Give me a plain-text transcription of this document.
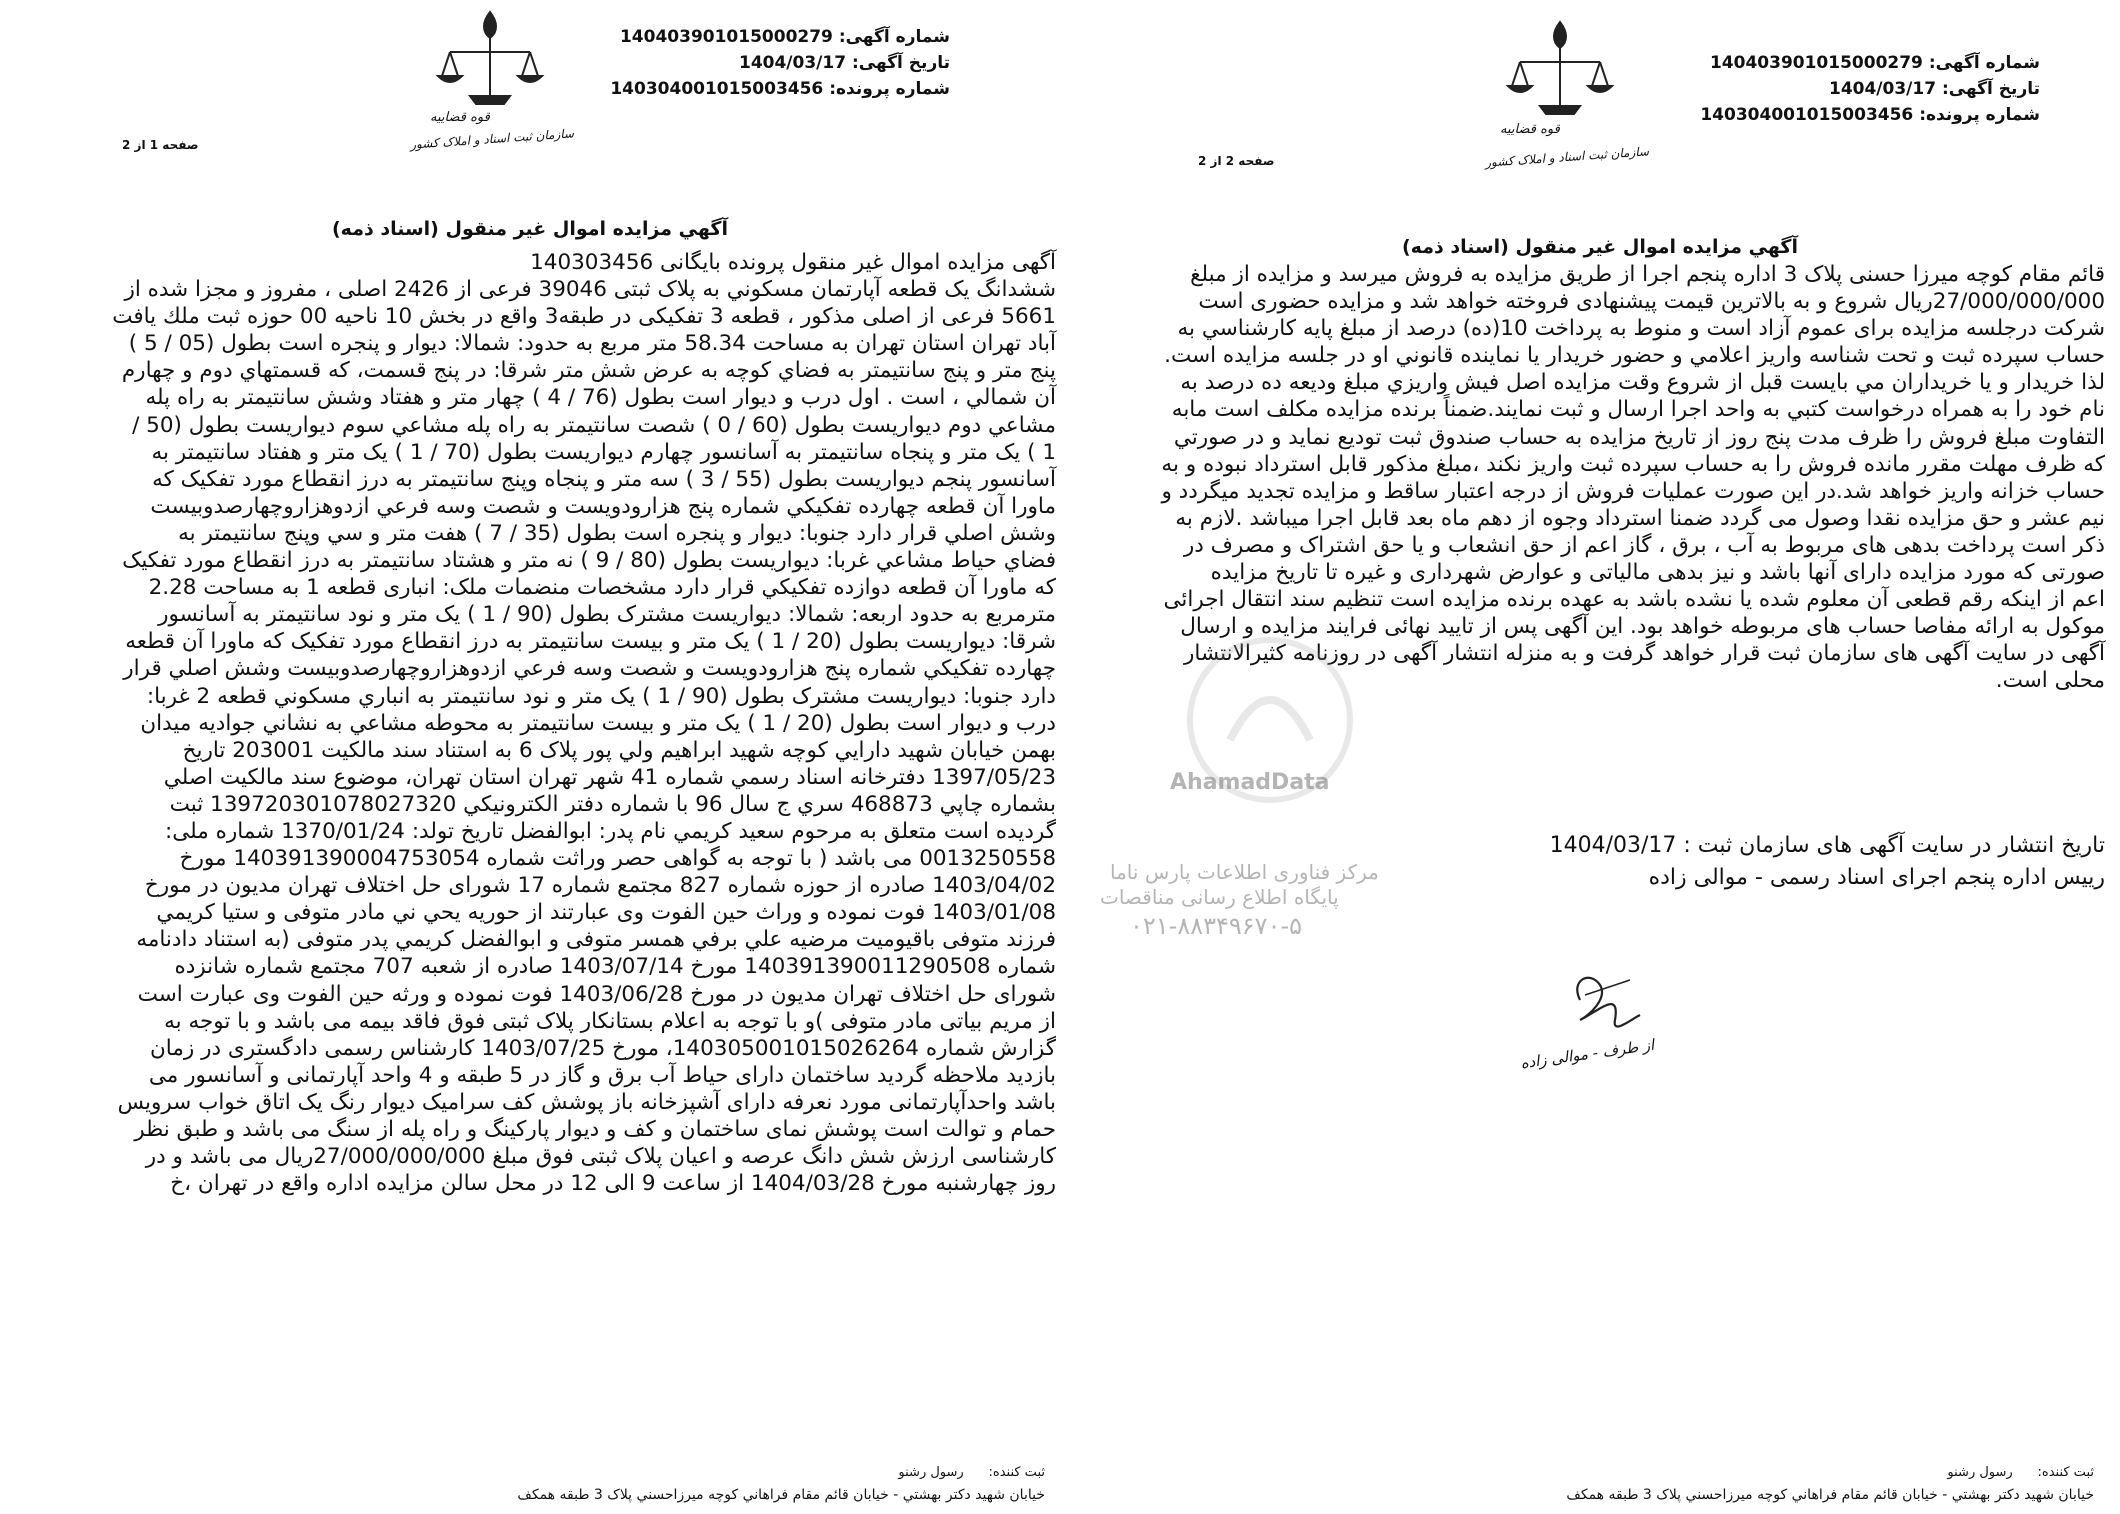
شماره آگهی: 140403901015000279
تاریخ آگهی: 1404/03/17
شماره پرونده: 140304001015003456
قوه قضاییه
سازمان ثبت اسناد و املاک کشور
صفحه 1 از 2
آگهي مزايده اموال غير منقول (اسناد ذمه)

آگهی مزایده اموال غیر منقول پرونده بایگانی 140303456

ششدانگ يک قطعه آپارتمان مسکوني به پلاک ثبتی 39046 فرعی از 2426 اصلی ، مفروز و مجزا شده از

5661 فرعی از اصلی مذکور ، قطعه 3 تفکیکی در طبقه3 واقع در بخش 10 ناحیه 00 حوزه ثبت ملك يافت

آباد تهران استان تهران به مساحت 58.34 متر مربع به حدود: شمالا: ديوار و پنجره است بطول (05 / 5 )

پنج متر و پنج سانتيمتر به فضاي كوچه به عرض شش متر شرقا: در پنج قسمت، كه قسمتهاي دوم و چهارم

آن شمالي ، است . اول درب و ديوار است بطول (76 / 4 ) چهار متر و هفتاد وشش سانتيمتر به راه پله

مشاعي دوم ديواريست بطول (60 / 0 ) شصت سانتيمتر به راه پله مشاعي سوم ديواريست بطول (50 /

1 ) يک متر و پنجاه سانتيمتر به آسانسور چهارم ديواريست بطول (70 / 1 ) يک متر و هفتاد سانتيمتر به

آسانسور پنجم ديواريست بطول (55 / 3 ) سه متر و پنجاه وپنج سانتيمتر به درز انقطاع مورد تفکيک که

ماورا آن قطعه چهارده تفکيکي شماره پنج هزارودويست و شصت وسه فرعي ازدوهزاروچهارصدوبيست

وشش اصلي قرار دارد جنوبا: ديوار و پنجره است بطول (35 / 7 ) هفت متر و سي وپنج سانتيمتر به

فضاي حياط مشاعي غربا: ديواريست بطول (80 / 9 ) نه متر و هشتاد سانتيمتر به درز انقطاع مورد تفکيک

که ماورا آن قطعه دوازده تفکيکي قرار دارد مشخصات منضمات ملک: انباری قطعه 1 به مساحت 2.28

مترمربع به حدود اربعه: شمالا: ديواريست مشترک بطول (90 / 1 ) يک متر و نود سانتيمتر به آسانسور

شرقا: ديواريست بطول (20 / 1 ) يک متر و بيست سانتيمتر به درز انقطاع مورد تفکيک که ماورا آن قطعه

چهارده تفکيکي شماره پنج هزارودويست و شصت وسه فرعي ازدوهزاروچهارصدوبيست وشش اصلي قرار

دارد جنوبا: ديواريست مشترک بطول (90 / 1 ) يک متر و نود سانتيمتر به انباري مسکوني قطعه 2 غربا:

درب و ديوار است بطول (20 / 1 ) يک متر و بيست سانتيمتر به محوطه مشاعي به نشاني جواديه ميدان

بهمن خيابان شهيد دارايي کوچه شهيد ابراهيم ولي پور پلاک 6 به استناد سند مالکيت 203001 تاريخ

1397/05/23 دفترخانه اسناد رسمي شماره 41 شهر تهران استان تهران، موضوع سند مالکيت اصلي

بشماره چاپي 468873 سري ج سال 96 با شماره دفتر الکترونيکي 139720301078027320 ثبت

گرديده است متعلق به مرحوم سعيد کريمي نام پدر: ابوالفضل تاريخ تولد: 1370/01/24 شماره ملی:

0013250558 می باشد ( با توجه به گواهی حصر وراثت شماره 140391390004753054 مورخ

1403/04/02 صادره از حوزه شماره 827 مجتمع شماره 17 شورای حل اختلاف تهران مديون در مورخ

1403/01/08 فوت نموده و وراث حين الفوت وی عبارتند از حوريه يحي ني مادر متوفی و ستيا کريمي

فرزند متوفی باقيوميت مرضيه علي برفي همسر متوفی و ابوالفضل کريمي پدر متوفی (به استناد دادنامه

شماره 140391390011290508 مورخ 1403/07/14 صادره از شعبه 707 مجتمع شماره شانزده

شورای حل اختلاف تهران مديون در مورخ 1403/06/28 فوت نموده و ورثه حين الفوت وی عبارت است

از مريم بياتی مادر متوفی )و با توجه به اعلام بستانكار پلاک ثبتی فوق فاقد بيمه می باشد و با توجه به

گزارش شماره 140305001015026264، مورخ 1403/07/25 کارشناس رسمی دادگستری در زمان

بازديد ملاحظه گرديد ساختمان دارای حياط آب برق و گاز در 5 طبقه و 4 واحد آپارتمانی و آسانسور می

باشد واحدآپارتمانی مورد نعرفه دارای آشپزخانه باز پوشش کف سراميک ديوار رنگ يک اتاق خواب سرويس

حمام و توالت است پوشش نمای ساختمان و کف و ديوار پارکينگ و راه پله از سنگ می باشد و طبق نظر

کارشناسی ارزش شش دانگ عرصه و اعيان پلاک ثبتی فوق مبلغ 27/000/000/000ريال می باشد و در

روز چهارشنبه مورخ 1404/03/28 از ساعت 9 الی 12 در محل سالن مزايده اداره واقع در تهران ،خ

ثبت كننده:      رسول رشنو
خيابان شهيد دكتر بهشتي - خيابان قائم مقام فراهاني کوچه ميرزاحسني پلاک 3 طبقه همکف
شماره آگهی: 140403901015000279
تاریخ آگهی: 1404/03/17
شماره پرونده: 140304001015003456
قوه قضاییه
سازمان ثبت اسناد و املاک کشور
صفحه 2 از 2
آگهي مزايده اموال غير منقول (اسناد ذمه)

قائم مقام کوچه ميرزا حسنی پلاک 3 اداره پنجم اجرا از طريق مزايده به فروش ميرسد و مزايده از مبلغ

27/000/000/000ريال شروع و به بالاترين قيمت پيشنهادی فروخته خواهد شد و مزايده حضوری است

شرکت درجلسه مزايده برای عموم آزاد است و منوط به پرداخت 10(ده) درصد از مبلغ پايه کارشناسي به

حساب سپرده ثبت و تحت شناسه واريز اعلامي و حضور خريدار يا نماينده قانوني او در جلسه مزايده است.

لذا خريدار و يا خريداران مي بايست قبل از شروع وقت مزايده اصل فيش واريزي مبلغ وديعه ده درصد به

نام خود را به همراه درخواست کتبي به واحد اجرا ارسال و ثبت نمايند.ضمناً برنده مزايده مکلف است مابه

التفاوت مبلغ فروش را ظرف مدت پنج روز از تاريخ مزايده به حساب صندوق ثبت توديع نمايد و در صورتي

که ظرف مهلت مقرر مانده فروش را به حساب سپرده ثبت واريز نکند ،مبلغ مذکور قابل استرداد نبوده و به

حساب خزانه واريز خواهد شد.در اين صورت عمليات فروش از درجه اعتبار ساقط و مزايده تجديد ميگردد و

نيم عشر و حق مزايده نقدا وصول مى گردد ضمنا استرداد وجوه از دهم ماه بعد قابل اجرا ميباشد .لازم به

ذکر است پرداخت بدهی های مربوط به آب ، برق ، گاز اعم از حق انشعاب و يا حق اشتراک و مصرف در

صورتی که مورد مزايده دارای آنها باشد و نيز بدهی مالياتی و عوارض شهرداری و غيره تا تاريخ مزايده

اعم از اينکه رقم قطعی آن معلوم شده يا نشده باشد به عهده برنده مزايده است تنظيم سند انتقال اجرائی

موکول به ارائه مفاصا حساب های مربوطه خواهد بود. اين آگهی پس از تاييد نهائی فرايند مزايده و ارسال

آگهی در سايت آگهی های سازمان ثبت قرار خواهد گرفت و به منزله انتشار آگهی در روزنامه کثيرالانتشار

محلی است.

تاريخ انتشار در سايت آگهی های سازمان ثبت : 1404/03/17
رييس اداره پنجم اجرای اسناد رسمی - موالی زاده
از طرف - موالی زاده
ثبت كننده:      رسول رشنو
خيابان شهيد دكتر بهشتي - خيابان قائم مقام فراهاني کوچه ميرزاحسني پلاک 3 طبقه همکف
AhamadData
مرکز فناوری اطلاعات پارس ناما
پایگاه اطلاع رسانی مناقصات
۰۲۱-۸۸۳۴۹۶۷۰-۵
